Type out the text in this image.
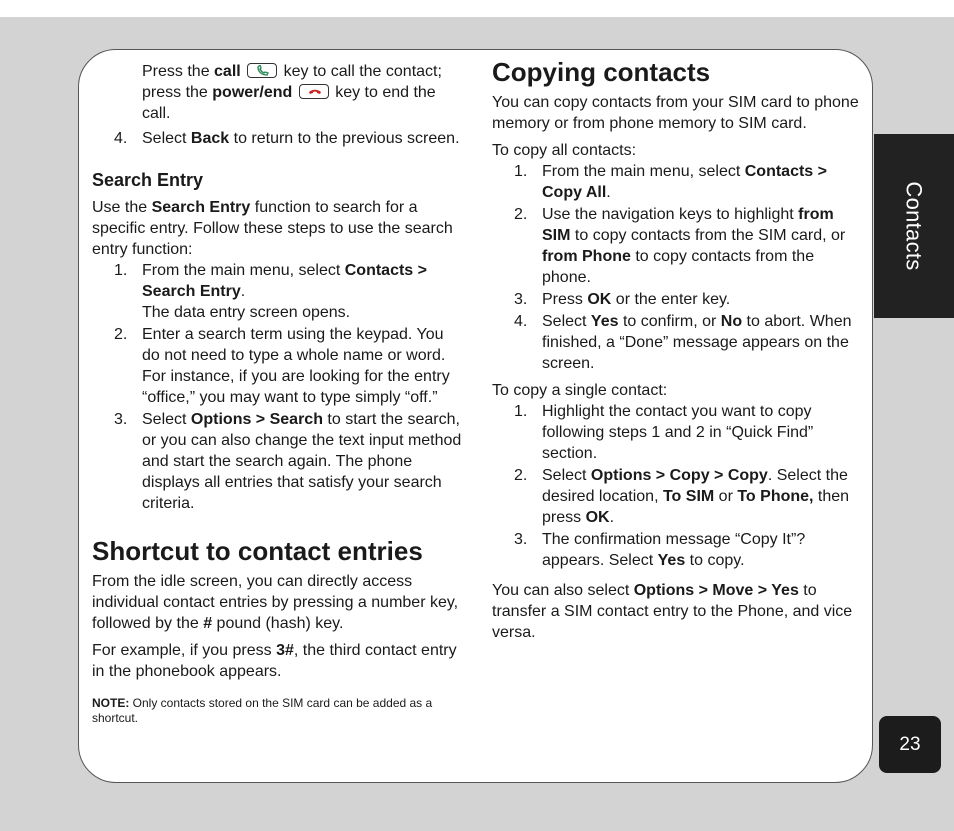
Contacts
23

Press the call	key to call the contact; press the power/end	key to end the call.

4. Select Back to return to the previous screen.

Search Entry

Use the Search Entry function to search for a specific entry. Follow these steps to use the search entry function:

1. From the main menu, select Contacts > Search Entry.
The data entry screen opens.

2. Enter a search term using the keypad. You do not need to type a whole name or word. For instance, if you are looking for the entry “office,” you may want to type simply “off.”

3. Select Options > Search to start the search, or you can also change the text input method and start the search again. The phone displays all entries that satisfy your search criteria.

Shortcut to contact entries

From the idle screen, you can directly access individual contact entries by pressing a number key, followed by the # pound (hash) key.

For example, if you press 3#, the third contact entry in the phonebook appears.

NOTE: Only contacts stored on the SIM card can be added as a shortcut.

Copying contacts

You can copy contacts from your SIM card to phone memory or from phone memory to SIM card.

To copy all contacts:

1. From the main menu, select Contacts > Copy All.

2. Use the navigation keys to highlight from SIM to copy contacts from the SIM card, or from Phone to copy contacts from the phone.

3. Press OK or the enter key.

4. Select Yes to confirm, or No to abort. When finished, a “Done” message appears on the screen.

To copy a single contact:

1. Highlight the contact you want to copy following steps 1 and 2 in “Quick Find” section.

2. Select Options > Copy > Copy. Select the desired location, To SIM or To Phone, then press OK.

3. The confirmation message “Copy It”? appears. Select Yes to copy.

You can also select Options > Move > Yes to transfer a SIM contact entry to the Phone, and vice versa.
